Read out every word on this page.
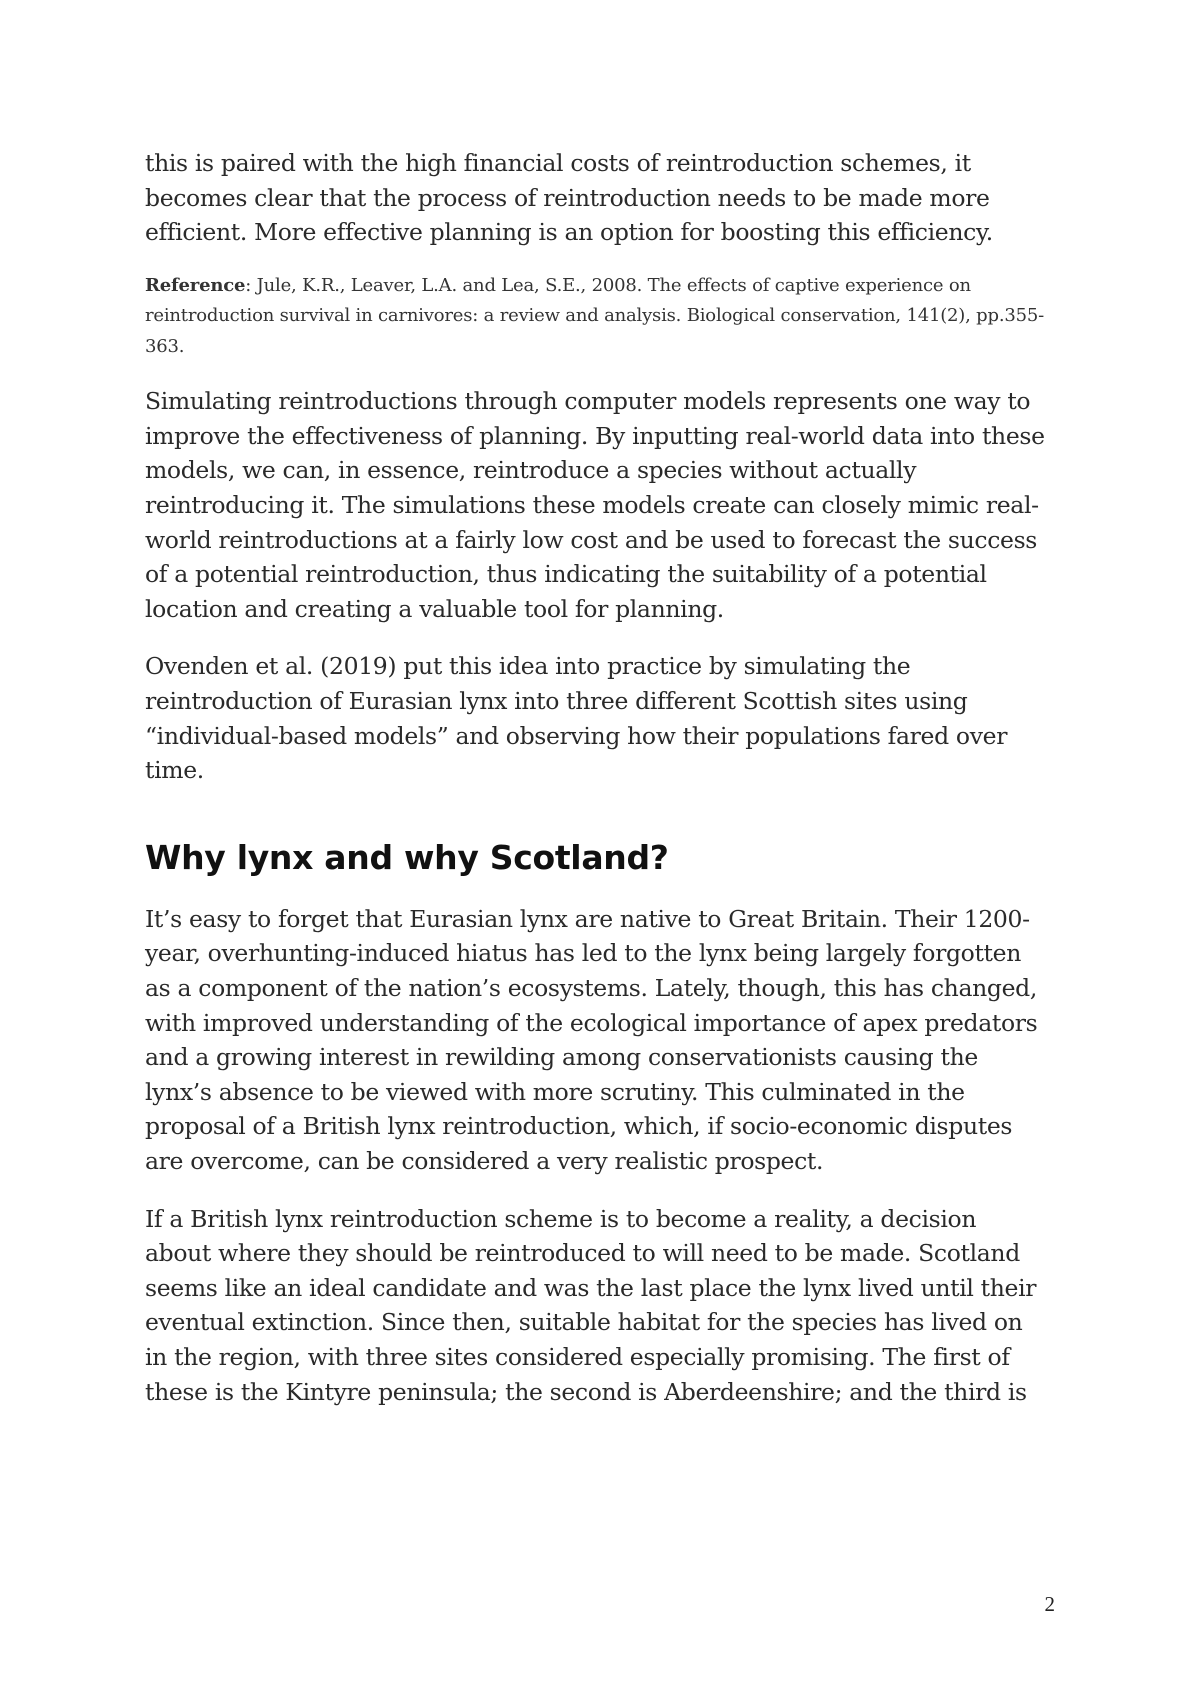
this is paired with the high financial costs of reintroduction schemes, it becomes clear that the process of reintroduction needs to be made more efficient. More effective planning is an option for boosting this efficiency.

Reference: Jule, K.R., Leaver, L.A. and Lea, S.E., 2008. The effects of captive experience on reintroduction survival in carnivores: a review and analysis. Biological conservation, 141(2), pp.355-363.

Simulating reintroductions through computer models represents one way to improve the effectiveness of planning. By inputting real-world data into these models, we can, in essence, reintroduce a species without actually reintroducing it. The simulations these models create can closely mimic real-world reintroductions at a fairly low cost and be used to forecast the success of a potential reintroduction, thus indicating the suitability of a potential location and creating a valuable tool for planning.

Ovenden et al. (2019) put this idea into practice by simulating the reintroduction of Eurasian lynx into three different Scottish sites using “individual-based models” and observing how their populations fared over time.

Why lynx and why Scotland?

It’s easy to forget that Eurasian lynx are native to Great Britain. Their 1200-year, overhunting-induced hiatus has led to the lynx being largely forgotten as a component of the nation’s ecosystems. Lately, though, this has changed, with improved understanding of the ecological importance of apex predators and a growing interest in rewilding among conservationists causing the lynx’s absence to be viewed with more scrutiny. This culminated in the proposal of a British lynx reintroduction, which, if socio-economic disputes are overcome, can be considered a very realistic prospect.

If a British lynx reintroduction scheme is to become a reality, a decision about where they should be reintroduced to will need to be made. Scotland seems like an ideal candidate and was the last place the lynx lived until their eventual extinction. Since then, suitable habitat for the species has lived on in the region, with three sites considered especially promising. The first of these is the Kintyre peninsula; the second is Aberdeenshire; and the third is

2
